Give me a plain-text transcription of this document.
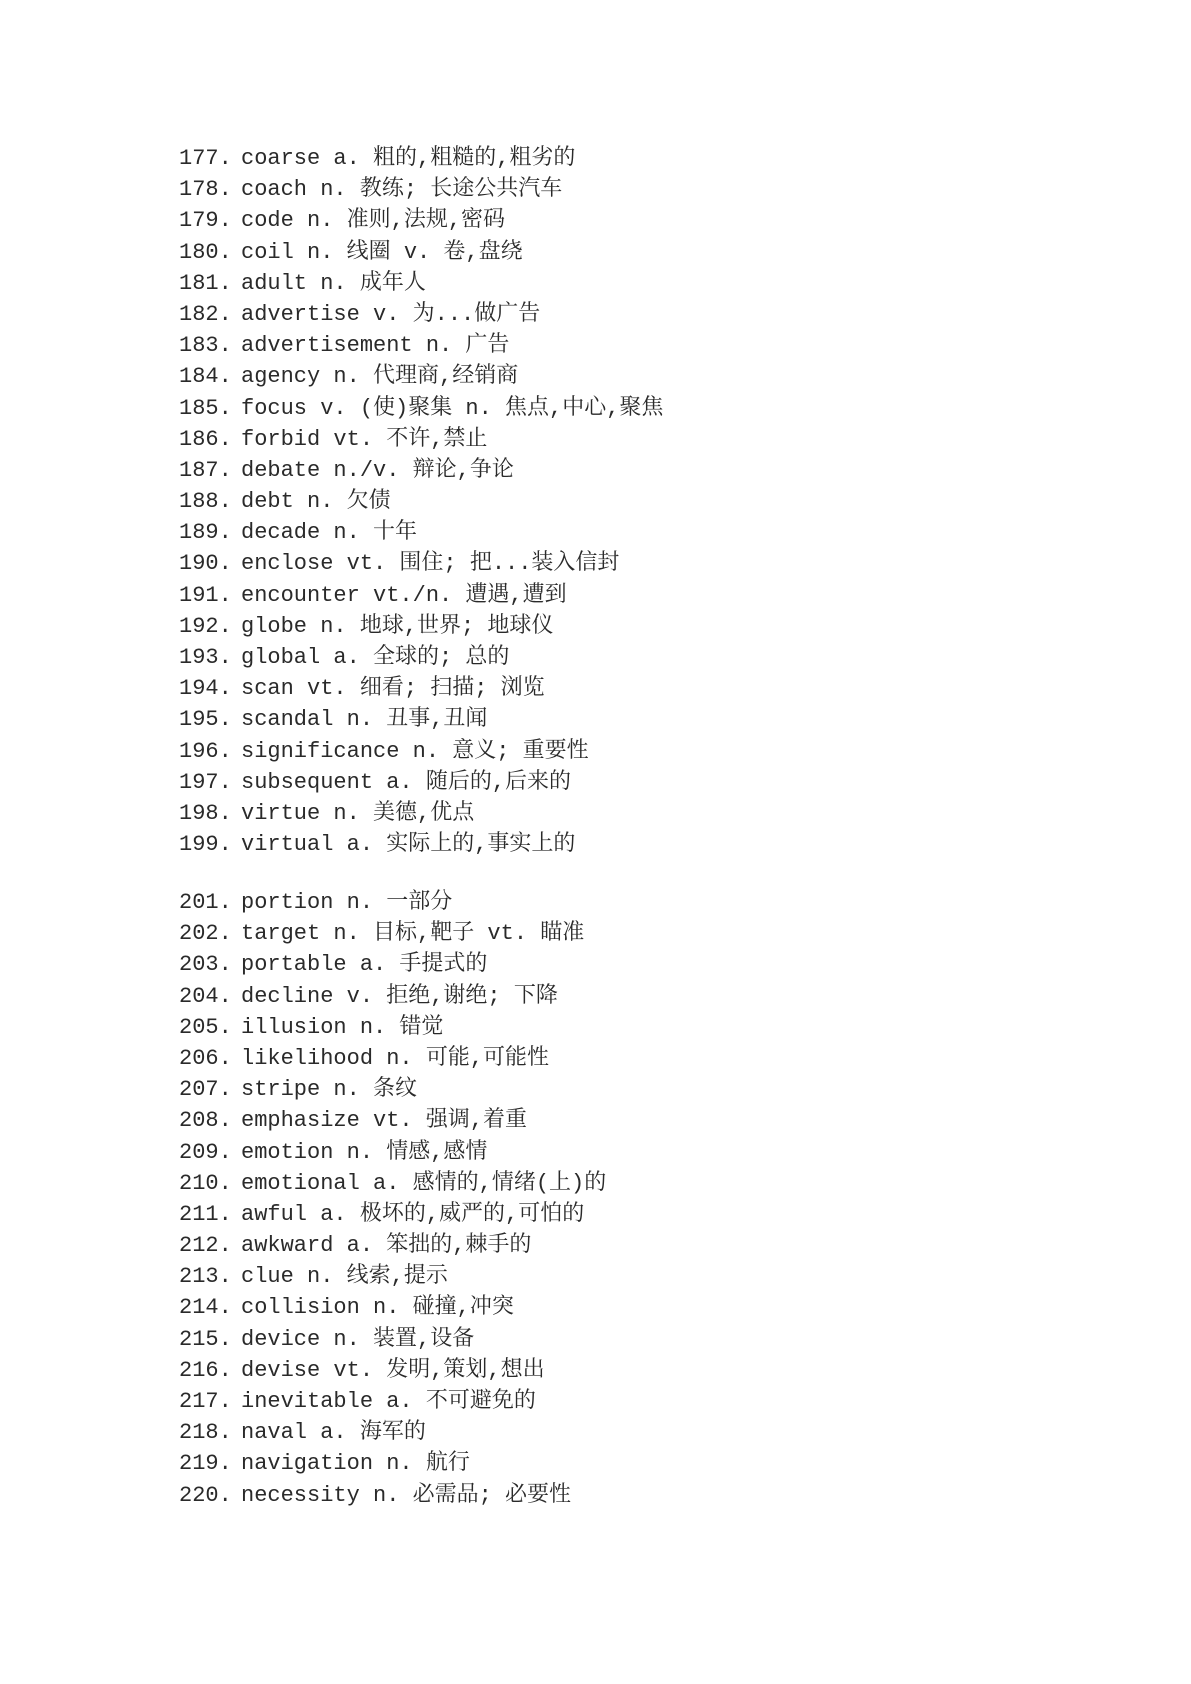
177. coarse a. 粗的,粗糙的,粗劣的
178. coach n. 教练; 长途公共汽车
179. code n. 准则,法规,密码
180. coil n. 线圈 v. 卷,盘绕
181. adult n. 成年人
182. advertise v. 为...做广告
183. advertisement n. 广告
184. agency n. 代理商,经销商
185. focus v. (使)聚集 n. 焦点,中心,聚焦
186. forbid vt. 不许,禁止
187. debate n./v. 辩论,争论
188. debt n. 欠债
189. decade n. 十年
190. enclose vt. 围住; 把...装入信封
191. encounter vt./n. 遭遇,遭到
192. globe n. 地球,世界; 地球仪
193. global a. 全球的; 总的
194. scan vt. 细看; 扫描; 浏览
195. scandal n. 丑事,丑闻
196. significance n. 意义; 重要性
197. subsequent a. 随后的,后来的
198. virtue n. 美德,优点
199. virtual a. 实际上的,事实上的
201. portion n. 一部分
202. target n. 目标,靶子 vt. 瞄准
203. portable a. 手提式的
204. decline v. 拒绝,谢绝; 下降
205. illusion n. 错觉
206. likelihood n. 可能,可能性
207. stripe n. 条纹
208. emphasize vt. 强调,着重
209. emotion n. 情感,感情
210. emotional a. 感情的,情绪(上)的
211. awful a. 极坏的,威严的,可怕的
212. awkward a. 笨拙的,棘手的
213. clue n. 线索,提示
214. collision n. 碰撞,冲突
215. device n. 装置,设备
216. devise vt. 发明,策划,想出
217. inevitable a. 不可避免的
218. naval a. 海军的
219. navigation n. 航行
220. necessity n. 必需品; 必要性
